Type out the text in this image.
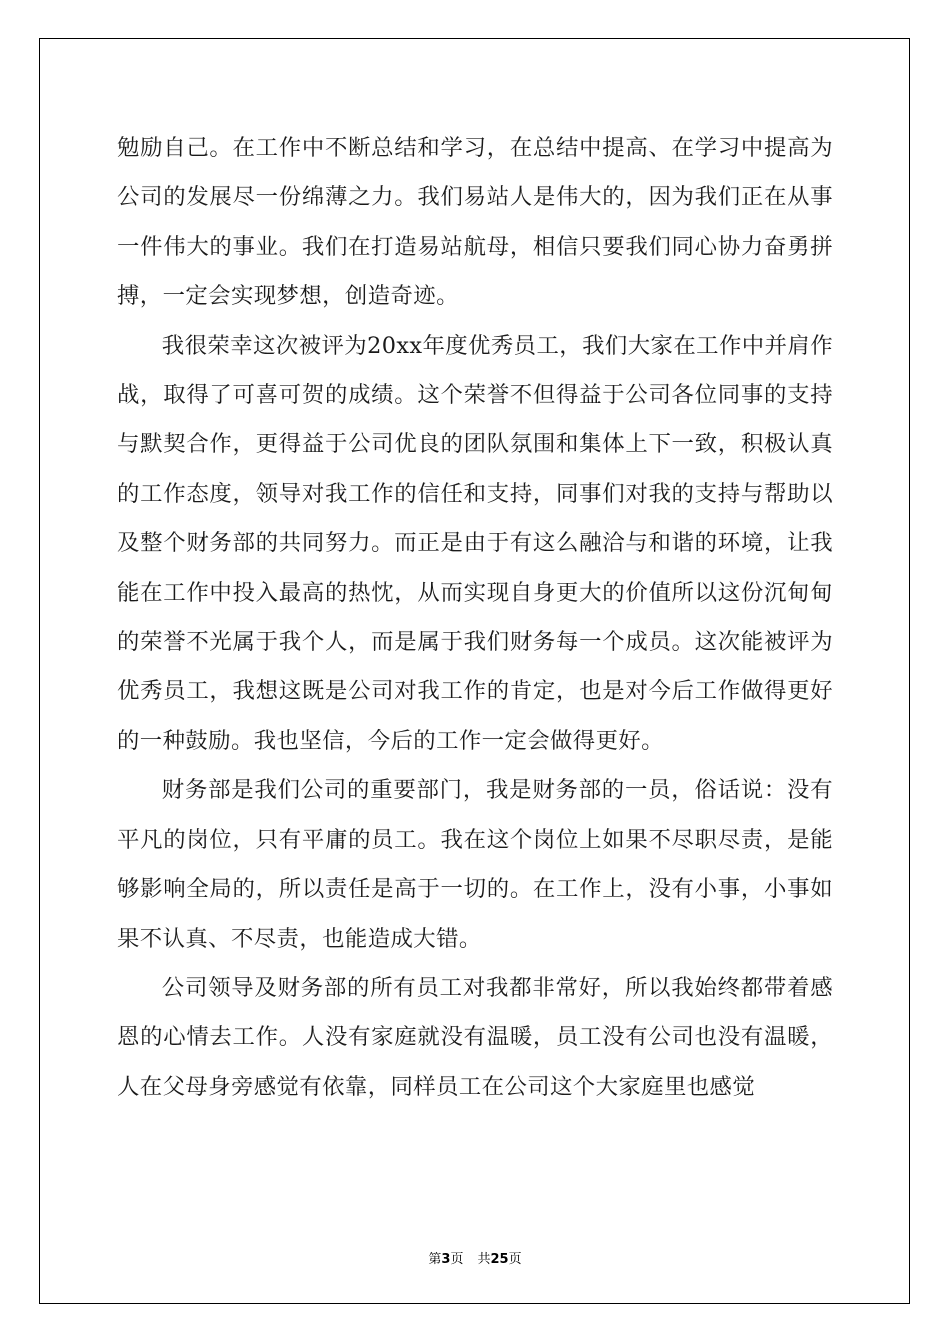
勉励自己。在工作中不断总结和学习，在总结中提高、在学习中提高为公司的发展尽一份绵薄之力。我们易站人是伟大的，因为我们正在从事一件伟大的事业。我们在打造易站航母，相信只要我们同心协力奋勇拼搏，一定会实现梦想，创造奇迹。

我很荣幸这次被评为20xx年度优秀员工，我们大家在工作中并肩作战，取得了可喜可贺的成绩。这个荣誉不但得益于公司各位同事的支持与默契合作，更得益于公司优良的团队氛围和集体上下一致，积极认真的工作态度，领导对我工作的信任和支持，同事们对我的支持与帮助以及整个财务部的共同努力。而正是由于有这么融洽与和谐的环境，让我能在工作中投入最高的热忱，从而实现自身更大的价值所以这份沉甸甸的荣誉不光属于我个人，而是属于我们财务每一个成员。这次能被评为优秀员工，我想这既是公司对我工作的肯定，也是对今后工作做得更好的一种鼓励。我也坚信，今后的工作一定会做得更好。

财务部是我们公司的重要部门，我是财务部的一员，俗话说：没有平凡的岗位，只有平庸的员工。我在这个岗位上如果不尽职尽责，是能够影响全局的，所以责任是高于一切的。在工作上，没有小事，小事如果不认真、不尽责，也能造成大错。

公司领导及财务部的所有员工对我都非常好，所以我始终都带着感恩的心情去工作。人没有家庭就没有温暖，员工没有公司也没有温暖，人在父母身旁感觉有依靠，同样员工在公司这个大家庭里也感觉

第3页 共25页
